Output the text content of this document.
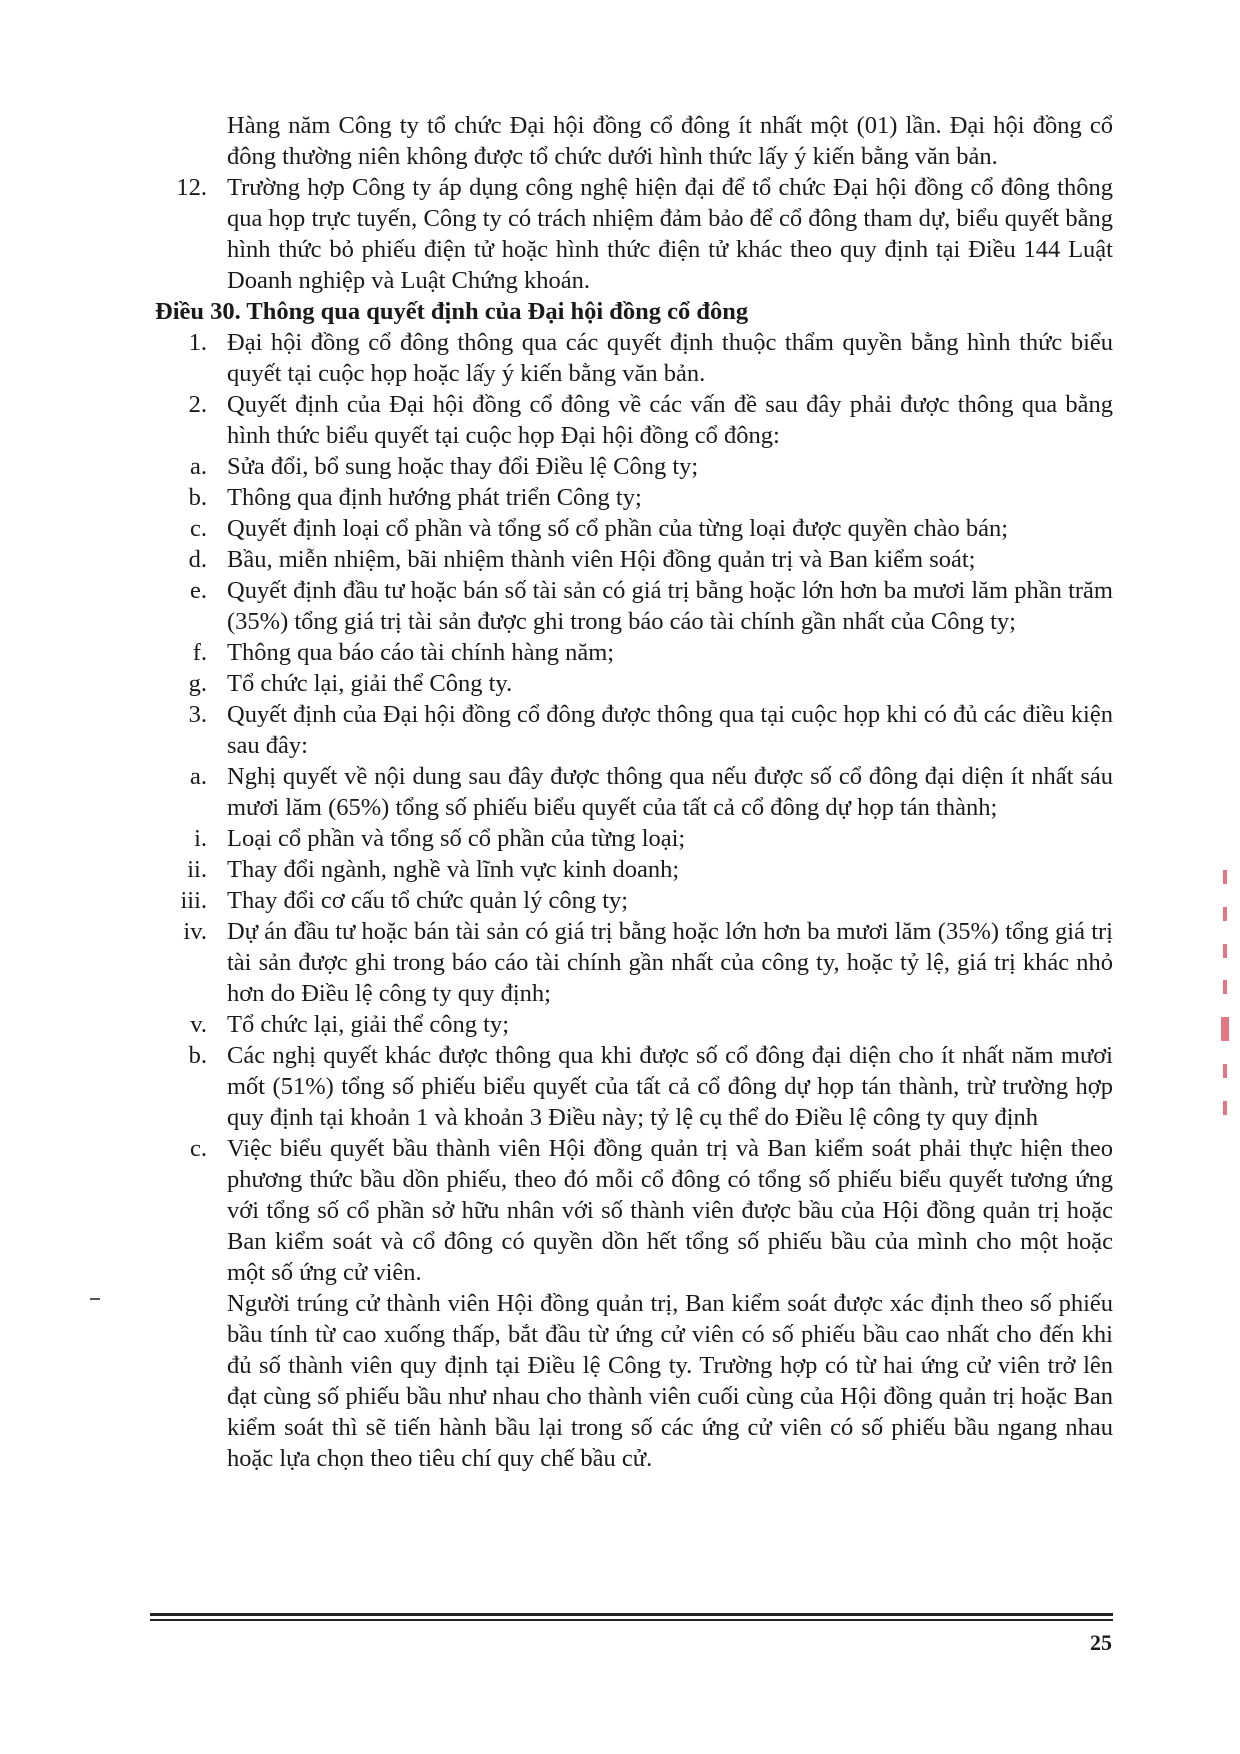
Hàng năm Công ty tổ chức Đại hội đồng cổ đông ít nhất một (01) lần. Đại hội đồng cổ đông thường niên không được tổ chức dưới hình thức lấy ý kiến bằng văn bản.

12. Trường hợp Công ty áp dụng công nghệ hiện đại để tổ chức Đại hội đồng cổ đông thông qua họp trực tuyến, Công ty có trách nhiệm đảm bảo để cổ đông tham dự, biểu quyết bằng hình thức bỏ phiếu điện tử hoặc hình thức điện tử khác theo quy định tại Điều 144 Luật Doanh nghiệp và Luật Chứng khoán.

Điều 30. Thông qua quyết định của Đại hội đồng cổ đông

1. Đại hội đồng cổ đông thông qua các quyết định thuộc thẩm quyền bằng hình thức biểu quyết tại cuộc họp hoặc lấy ý kiến bằng văn bản.
2. Quyết định của Đại hội đồng cổ đông về các vấn đề sau đây phải được thông qua bằng hình thức biểu quyết tại cuộc họp Đại hội đồng cổ đông:
a. Sửa đổi, bổ sung hoặc thay đổi Điều lệ Công ty;
b. Thông qua định hướng phát triển Công ty;
c. Quyết định loại cổ phần và tổng số cổ phần của từng loại được quyền chào bán;
d. Bầu, miễn nhiệm, bãi nhiệm thành viên Hội đồng quản trị và Ban kiểm soát;
e. Quyết định đầu tư hoặc bán số tài sản có giá trị bằng hoặc lớn hơn ba mươi lăm phần trăm (35%) tổng giá trị tài sản được ghi trong báo cáo tài chính gần nhất của Công ty;
f. Thông qua báo cáo tài chính hàng năm;
g. Tổ chức lại, giải thể Công ty.
3. Quyết định của Đại hội đồng cổ đông được thông qua tại cuộc họp khi có đủ các điều kiện sau đây:
a. Nghị quyết về nội dung sau đây được thông qua nếu được số cổ đông đại diện ít nhất sáu mươi lăm (65%) tổng số phiếu biểu quyết của tất cả cổ đông dự họp tán thành;
i. Loại cổ phần và tổng số cổ phần của từng loại;
ii. Thay đổi ngành, nghề và lĩnh vực kinh doanh;
iii. Thay đổi cơ cấu tổ chức quản lý công ty;
iv. Dự án đầu tư hoặc bán tài sản có giá trị bằng hoặc lớn hơn ba mươi lăm (35%) tổng giá trị tài sản được ghi trong báo cáo tài chính gần nhất của công ty, hoặc tỷ lệ, giá trị khác nhỏ hơn do Điều lệ công ty quy định;
v. Tổ chức lại, giải thể công ty;
b. Các nghị quyết khác được thông qua khi được số cổ đông đại diện cho ít nhất năm mươi mốt (51%) tổng số phiếu biểu quyết của tất cả cổ đông dự họp tán thành, trừ trường hợp quy định tại khoản 1 và khoản 3 Điều này; tỷ lệ cụ thể do Điều lệ công ty quy định
c. Việc biểu quyết bầu thành viên Hội đồng quản trị và Ban kiểm soát phải thực hiện theo phương thức bầu dồn phiếu, theo đó mỗi cổ đông có tổng số phiếu biểu quyết tương ứng với tổng số cổ phần sở hữu nhân với số thành viên được bầu của Hội đồng quản trị hoặc Ban kiểm soát và cổ đông có quyền dồn hết tổng số phiếu bầu của mình cho một hoặc một số ứng cử viên.

Người trúng cử thành viên Hội đồng quản trị, Ban kiểm soát được xác định theo số phiếu bầu tính từ cao xuống thấp, bắt đầu từ ứng cử viên có số phiếu bầu cao nhất cho đến khi đủ số thành viên quy định tại Điều lệ Công ty. Trường hợp có từ hai ứng cử viên trở lên đạt cùng số phiếu bầu như nhau cho thành viên cuối cùng của Hội đồng quản trị hoặc Ban kiểm soát thì sẽ tiến hành bầu lại trong số các ứng cử viên có số phiếu bầu ngang nhau hoặc lựa chọn theo tiêu chí quy chế bầu cử.

25
